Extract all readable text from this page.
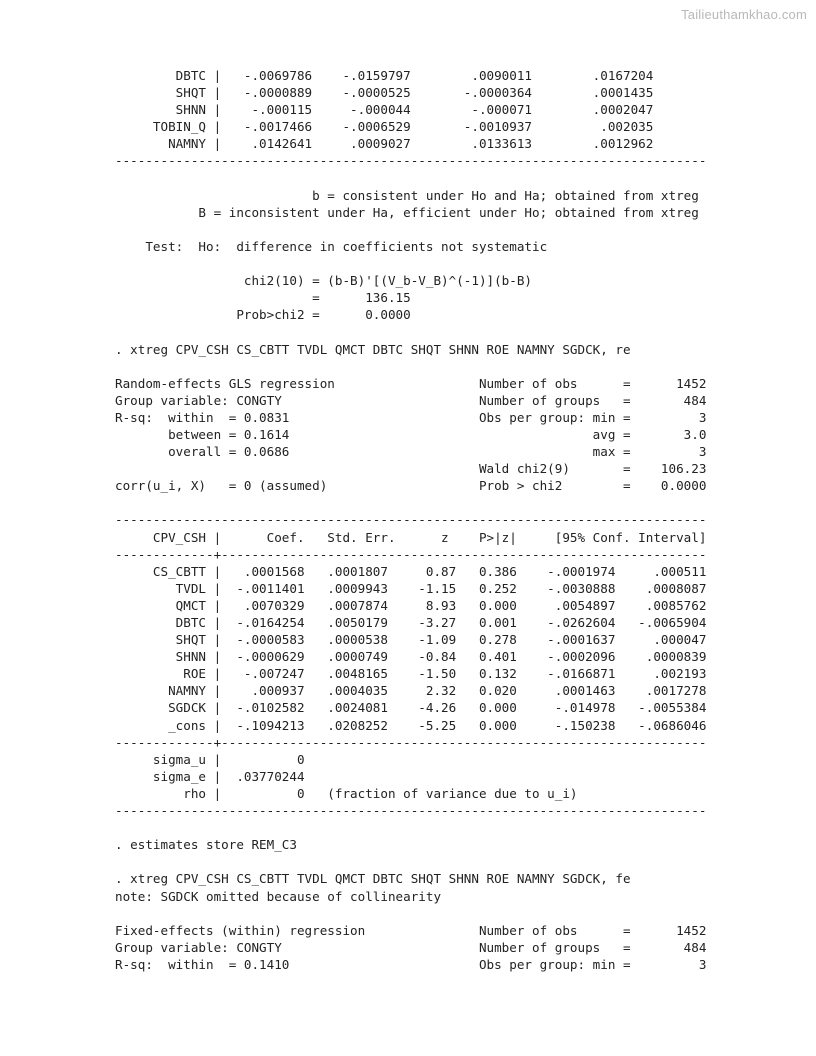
Tailieuthamkhao.com
DBTC |   -.0069786    -.0159797        .0090011        .0167204
SHQT |   -.0000889    -.0000525       -.0000364        .0001435
SHNN |    -.000115     -.000044        -.000071        .0002047
TOBIN_Q |   -.0017466    -.0006529       -.0010937         .002035
NAMNY |    .0142641     .0009027        .0133613        .0012962
------------------------------------------------------------------------------

b = consistent under Ho and Ha; obtained from xtreg
B = inconsistent under Ha, efficient under Ho; obtained from xtreg

Test:  Ho:  difference in coefficients not systematic

chi2(10) = (b-B)'[(V_b-V_B)^(-1)](b-B)
=      136.15
Prob>chi2 =      0.0000

. xtreg CPV_CSH CS_CBTT TVDL QMCT DBTC SHQT SHNN ROE NAMNY SGDCK, re

Random-effects GLS regression                   Number of obs      =      1452
Group variable: CONGTY                          Number of groups   =       484
R-sq:  within  = 0.0831                         Obs per group: min =         3
between = 0.1614                                        avg =       3.0
overall = 0.0686                                        max =         3
Wald chi2(9)       =    106.23
corr(u_i, X)   = 0 (assumed)                    Prob > chi2        =    0.0000

------------------------------------------------------------------------------
CPV_CSH |      Coef.   Std. Err.      z    P>|z|     [95% Conf. Interval]
-------------+----------------------------------------------------------------
CS_CBTT |   .0001568   .0001807     0.87   0.386    -.0001974     .000511
TVDL |  -.0011401   .0009943    -1.15   0.252    -.0030888    .0008087
QMCT |   .0070329   .0007874     8.93   0.000     .0054897    .0085762
DBTC |  -.0164254   .0050179    -3.27   0.001    -.0262604   -.0065904
SHQT |  -.0000583   .0000538    -1.09   0.278    -.0001637     .000047
SHNN |  -.0000629   .0000749    -0.84   0.401    -.0002096    .0000839
ROE |   -.007247   .0048165    -1.50   0.132    -.0166871     .002193
NAMNY |    .000937   .0004035     2.32   0.020     .0001463    .0017278
SGDCK |  -.0102582   .0024081    -4.26   0.000     -.014978   -.0055384
_cons |  -.1094213   .0208252    -5.25   0.000     -.150238   -.0686046
-------------+----------------------------------------------------------------
sigma_u |          0
sigma_e |  .03770244
rho |          0   (fraction of variance due to u_i)
------------------------------------------------------------------------------

. estimates store REM_C3

. xtreg CPV_CSH CS_CBTT TVDL QMCT DBTC SHQT SHNN ROE NAMNY SGDCK, fe
note: SGDCK omitted because of collinearity

Fixed-effects (within) regression               Number of obs      =      1452
Group variable: CONGTY                          Number of groups   =       484
R-sq:  within  = 0.1410                         Obs per group: min =         3
